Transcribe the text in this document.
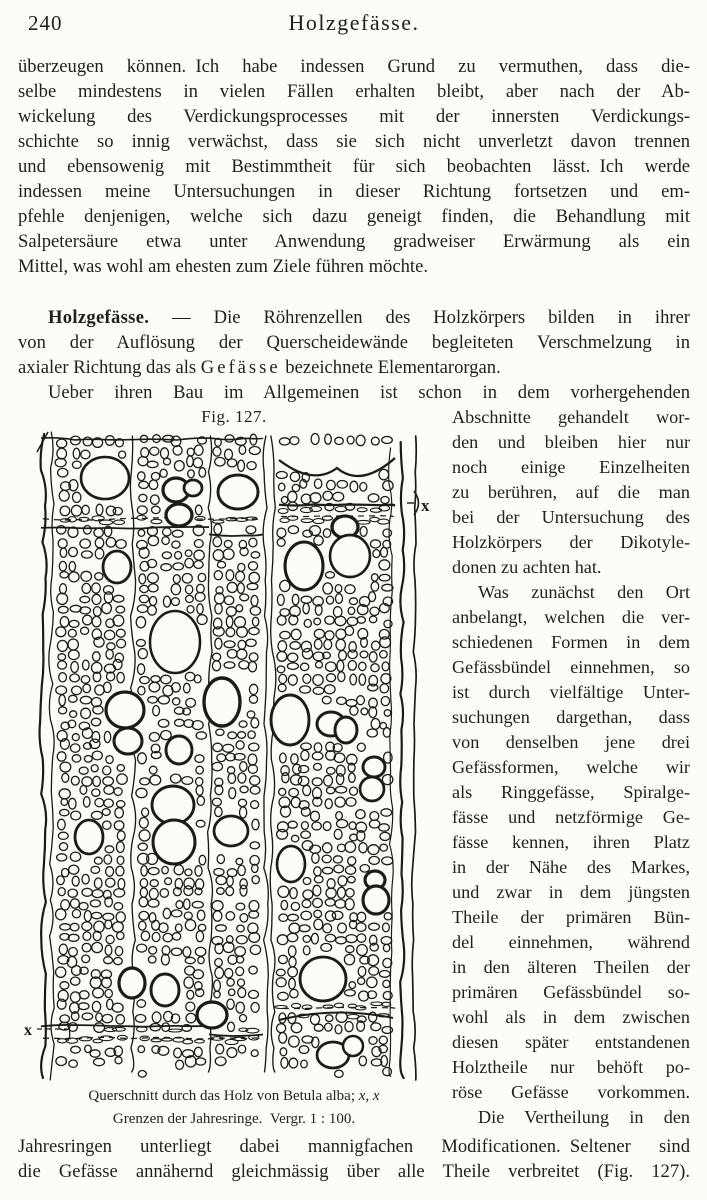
240	Holzgefässe.
überzeugen können. Ich habe indessen Grund zu vermuthen, dass die-
selbe mindestens in vielen Fällen erhalten bleibt, aber nach der Ab-
wickelung des Verdickungsprocesses mit der innersten Verdickungs-
schichte so innig verwächst, dass sie sich nicht unverletzt davon trennen
und ebensowenig mit Bestimmtheit für sich beobachten lässt. Ich werde
indessen meine Untersuchungen in dieser Richtung fortsetzen und em-
pfehle denjenigen, welche sich dazu geneigt finden, die Behandlung mit
Salpetersäure etwa unter Anwendung gradweiser Erwärmung als ein
Mittel, was wohl am ehesten zum Ziele führen möchte.
Holzgefässe. — Die Röhrenzellen des Holzkörpers bilden in ihrer
von der Auflösung der Querscheidewände begleiteten Verschmelzung in
axialer Richtung das als Gefässe bezeichnete Elementarorgan.
Ueber ihren Bau im Allgemeinen ist schon in dem vorhergehenden
Fig. 127.
x
x
Querschnitt durch das Holz von Betula alba; x, x
Grenzen der Jahresringe. Vergr. 1 : 100.
Abschnitte gehandelt wor-
den und bleiben hier nur
noch einige Einzelheiten
zu berühren, auf die man
bei der Untersuchung des
Holzkörpers der Dikotyle-
donen zu achten hat.
Was zunächst den Ort
anbelangt, welchen die ver-
schiedenen Formen in dem
Gefässbündel einnehmen, so
ist durch vielfältige Unter-
suchungen dargethan, dass
von denselben jene drei
Gefässformen, welche wir
als Ringgefässe, Spiralge-
fässe und netzförmige Ge-
fässe kennen, ihren Platz
in der Nähe des Markes,
und zwar in dem jüngsten
Theile der primären Bün-
del einnehmen, während
in den älteren Theilen der
primären Gefässbündel so-
wohl als in dem zwischen
diesen später entstandenen
Holztheile nur behöft po-
röse Gefässe vorkommen.
Die Vertheilung in den
Jahresringen unterliegt dabei mannigfachen Modificationen. Seltener sind
die Gefässe annähernd gleichmässig über alle Theile verbreitet (Fig. 127).
